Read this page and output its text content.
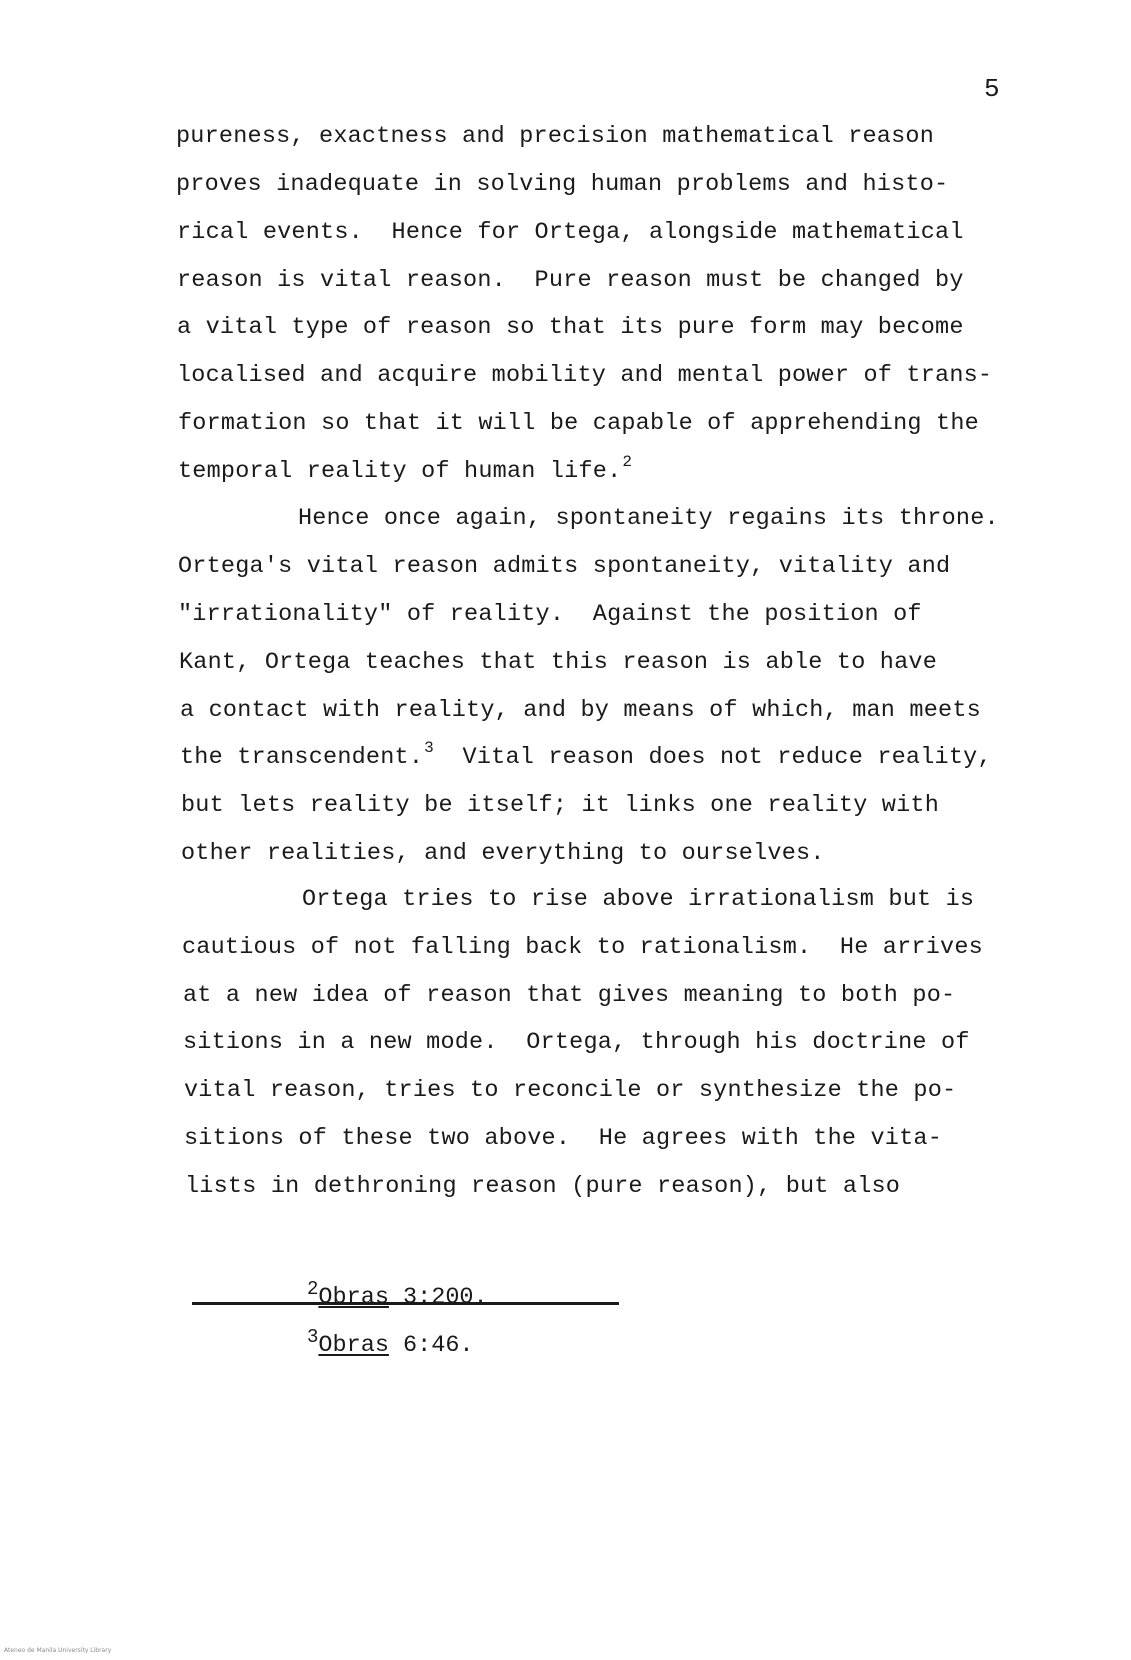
5
pureness, exactness and precision mathematical reason
proves inadequate in solving human problems and histo-
rical events.  Hence for Ortega, alongside mathematical
reason is vital reason.  Pure reason must be changed by
a vital type of reason so that its pure form may become
localised and acquire mobility and mental power of trans-
formation so that it will be capable of apprehending the
temporal reality of human life.$^2$
Hence once again, spontaneity regains its throne.
Ortega's vital reason admits spontaneity, vitality and
"irrationality" of reality.  Against the position of
Kant, Ortega teaches that this reason is able to have
a contact with reality, and by means of which, man meets
the transcendent.$^3$  Vital reason does not reduce reality,
but lets reality be itself; it links one reality with
other realities, and everything to ourselves.
Ortega tries to rise above irrationalism but is
cautious of not falling back to rationalism.  He arrives
at a new idea of reason that gives meaning to both po-
sitions in a new mode.  Ortega, through his doctrine of
vital reason, tries to reconcile or synthesize the po-
sitions of these two above.  He agrees with the vita-
lists in dethroning reason (pure reason), but also
$^2$Obras 3:200.
$^3$Obras 6:46.
Ateneo de Manila University Library
